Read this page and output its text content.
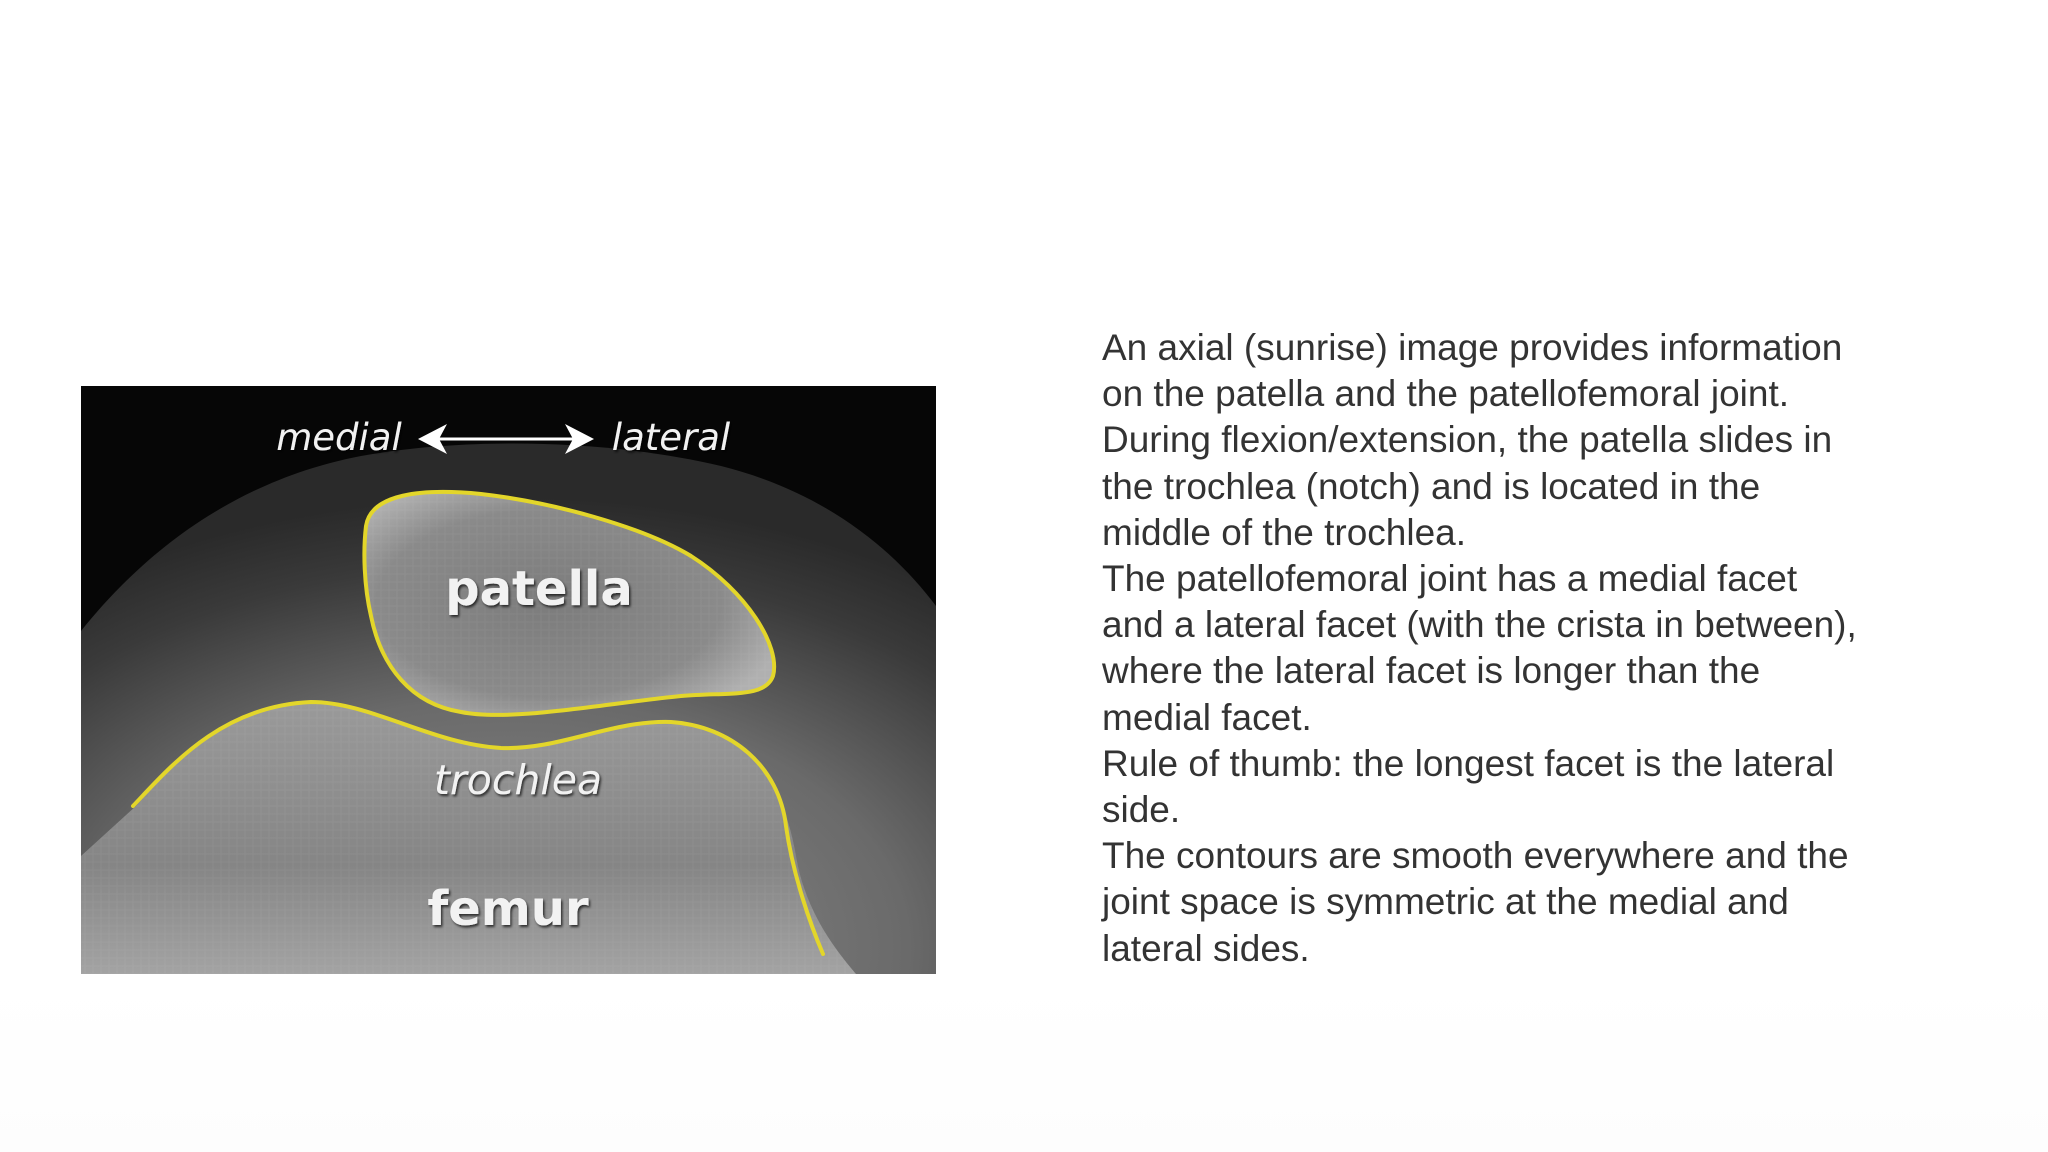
medial	lateral
patella
trochlea
femur
An axial (sunrise) image provides information on the patella and the patellofemoral joint.
During flexion/extension, the patella slides in the trochlea (notch) and is located in the middle of the trochlea.
The patellofemoral joint has a medial facet and a lateral facet (with the crista in between), where the lateral facet is longer than the medial facet.
Rule of thumb: the longest facet is the lateral side.
The contours are smooth everywhere and the joint space is symmetric at the medial and lateral sides.
